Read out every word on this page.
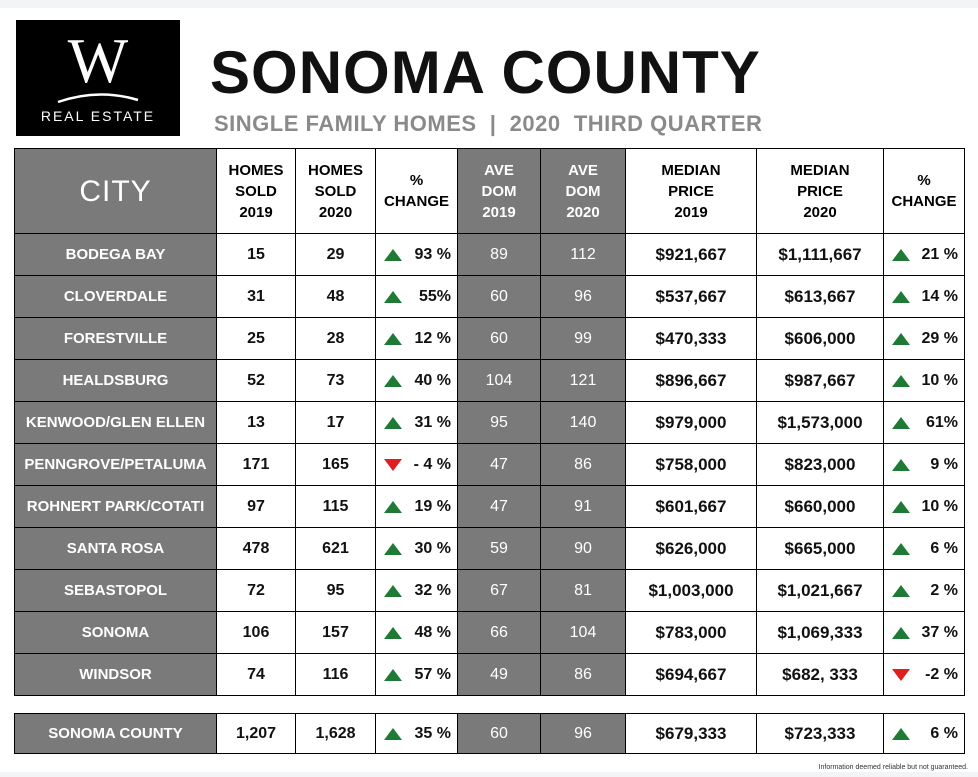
W
REAL ESTATE
SONOMA COUNTY
SINGLE FAMILY HOMES  |  2020  THIRD QUARTER
CITY	HOMES
SOLD
2019	HOMES
SOLD
2020	%
CHANGE	AVE
DOM
2019	AVE
DOM
2020	MEDIAN
PRICE
2019	MEDIAN
PRICE
2020	%
CHANGE
BODEGA BAY	15	29	93 %	89	112	$921,667	$1,111,667	21 %

CLOVERDALE	31	48	55%	60	96	$537,667	$613,667	14 %

FORESTVILLE	25	28	12 %	60	99	$470,333	$606,000	29 %

HEALDSBURG	52	73	40 %	104	121	$896,667	$987,667	10 %

KENWOOD/GLEN ELLEN	13	17	31 %	95	140	$979,000	$1,573,000	61%

PENNGROVE/PETALUMA	171	165	- 4 %	47	86	$758,000	$823,000	9 %

ROHNERT PARK/COTATI	97	115	19 %	47	91	$601,667	$660,000	10 %

SANTA ROSA	478	621	30 %	59	90	$626,000	$665,000	6 %

SEBASTOPOL	72	95	32 %	67	81	$1,003,000	$1,021,667	2 %

SONOMA	106	157	48 %	66	104	$783,000	$1,069,333	37 %

WINDSOR	74	116	57 %	49	86	$694,667	$682, 333	-2 %
SONOMA COUNTY	1,207	1,628	35 %	60	96	$679,333	$723,333	6 %
Information deemed reliable but not guaranteed.
